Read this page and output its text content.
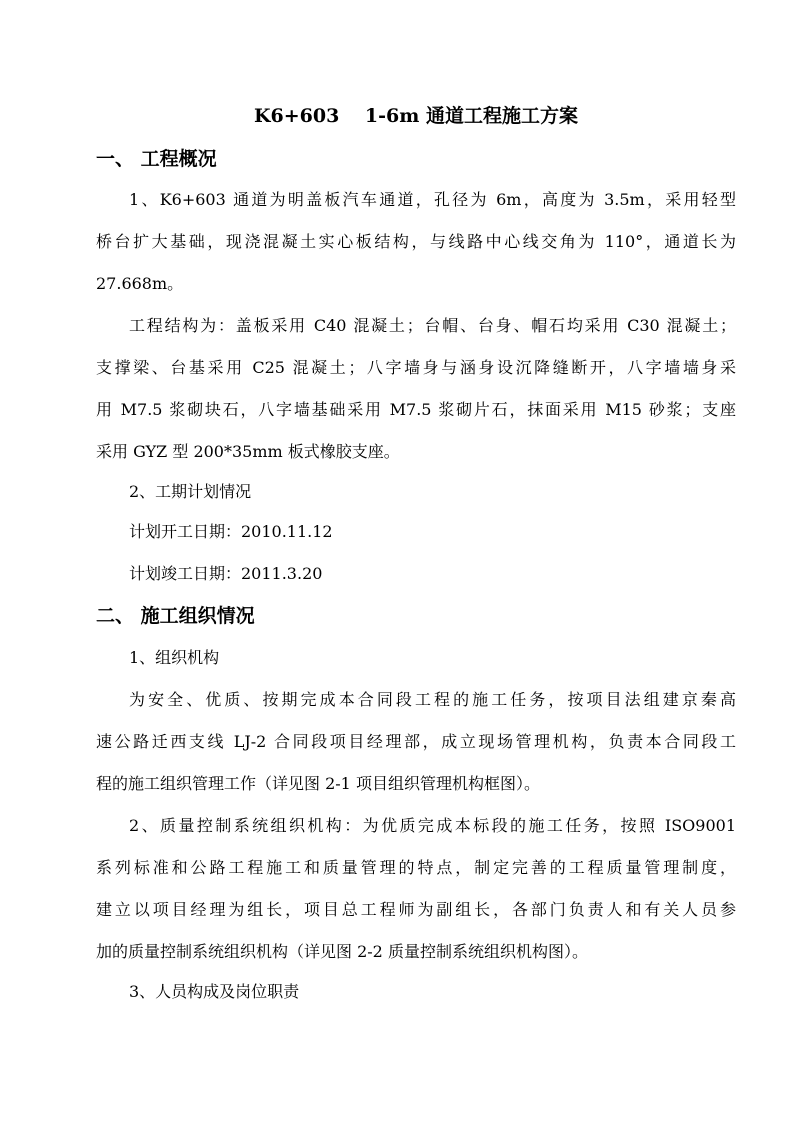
K6+603　 1-6m 通道工程施工方案
一、 工程概况
1、K6+603 通道为明盖板汽车通道，孔径为 6m，高度为 3.5m，采用轻型
桥台扩大基础，现浇混凝土实心板结构，与线路中心线交角为 110°，通道长为
27.668m。
工程结构为：盖板采用 C40 混凝土；台帽、台身、帽石均采用 C30 混凝土；
支撑梁、台基采用 C25 混凝土；八字墙身与涵身设沉降缝断开，八字墙墙身采
用 M7.5 浆砌块石，八字墙基础采用 M7.5 浆砌片石，抹面采用 M15 砂浆；支座
采用 GYZ 型 200*35mm 板式橡胶支座。
2、工期计划情况
计划开工日期：2010.11.12
计划竣工日期：2011.3.20
二、 施工组织情况
1、组织机构
为安全、优质、按期完成本合同段工程的施工任务，按项目法组建京秦高
速公路迁西支线 LJ-2 合同段项目经理部，成立现场管理机构，负责本合同段工
程的施工组织管理工作（详见图 2-1 项目组织管理机构框图）。
2、质量控制系统组织机构：为优质完成本标段的施工任务，按照 ISO9001
系列标准和公路工程施工和质量管理的特点，制定完善的工程质量管理制度，
建立以项目经理为组长，项目总工程师为副组长，各部门负责人和有关人员参
加的质量控制系统组织机构（详见图 2-2 质量控制系统组织机构图）。
3、人员构成及岗位职责
